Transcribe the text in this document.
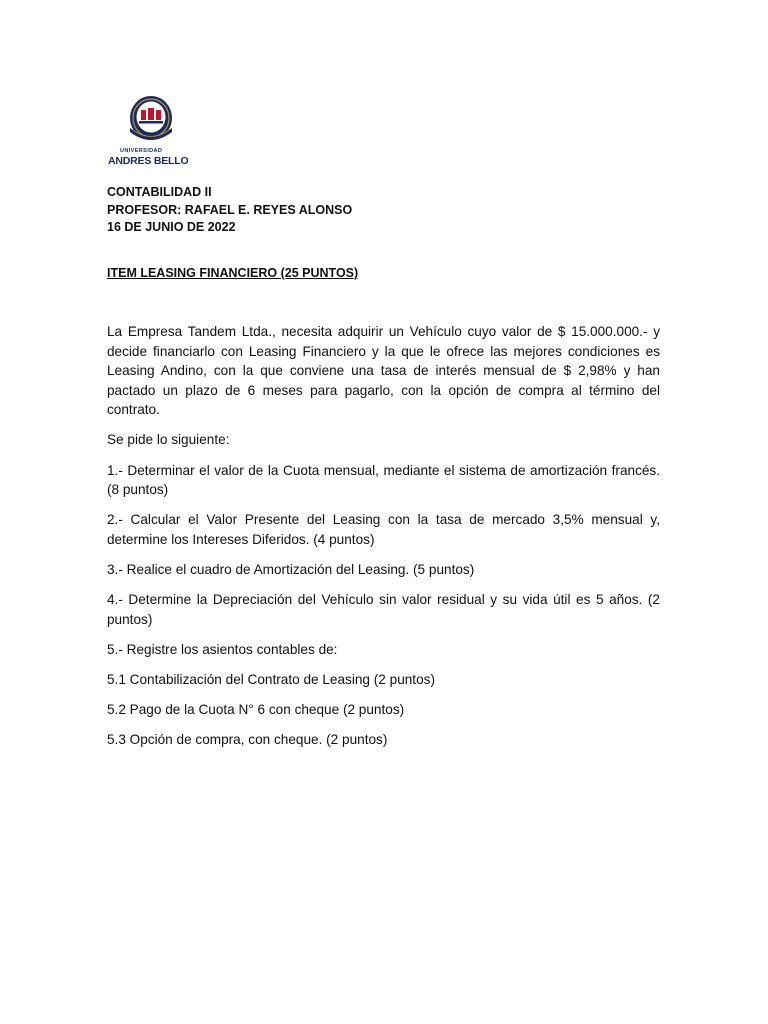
UNIVERSIDAD
ANDRES BELLO
CONTABILIDAD II
PROFESOR: RAFAEL E. REYES ALONSO
16 DE JUNIO DE 2022
ITEM LEASING FINANCIERO (25 PUNTOS)

La Empresa Tandem Ltda., necesita adquirir un Vehículo cuyo valor de $ 15.000.000.- y decide financiarlo con Leasing Financiero y la que le ofrece las mejores condiciones es Leasing Andino, con la que conviene una tasa de interés mensual de $ 2,98% y han pactado un plazo de 6 meses para pagarlo, con la opción de compra al término del contrato.

Se pide lo siguiente:

1.- Determinar el valor de la Cuota mensual, mediante el sistema de amortización francés. (8 puntos)

2.- Calcular el Valor Presente del Leasing con la tasa de mercado 3,5% mensual y, determine los Intereses Diferidos. (4 puntos)

3.- Realice el cuadro de Amortización del Leasing. (5 puntos)

4.- Determine la Depreciación del Vehículo sin valor residual y su vida útil es 5 años. (2 puntos)

5.- Registre los asientos contables de:

5.1 Contabilización del Contrato de Leasing (2 puntos)

5.2 Pago de la Cuota N° 6 con cheque (2 puntos)

5.3 Opción de compra, con cheque. (2 puntos)
